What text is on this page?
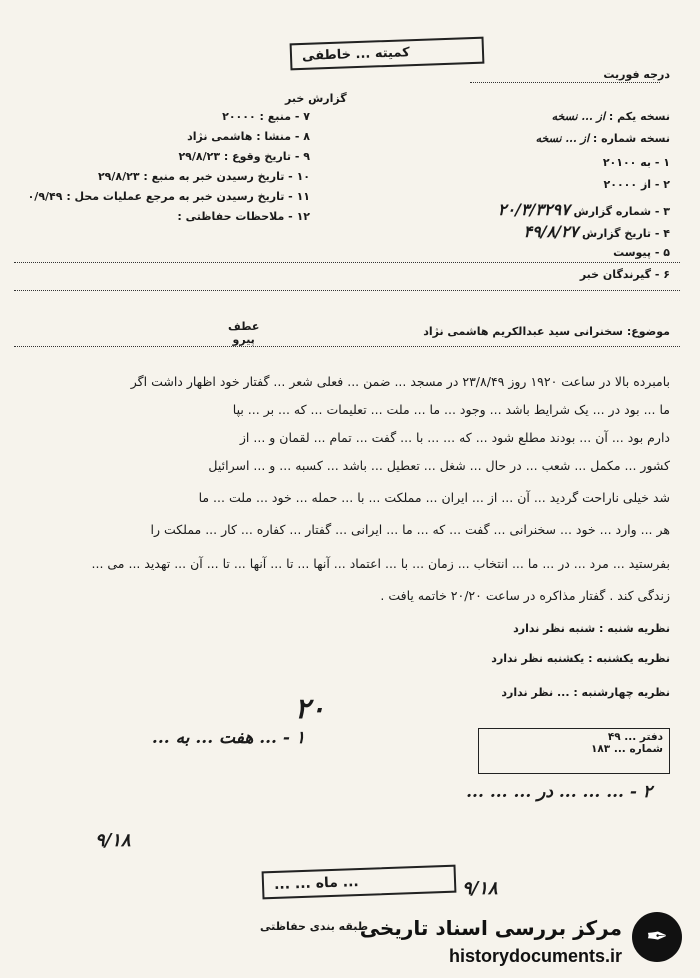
کمیته ... خاطفی
گزارش خبر
درجه فوریت
نسخه یکم : از ... نسخه
نسخه شماره : از ... نسخه
۱ - به ۲۰۱۰۰
۲ - از ۲۰۰۰۰
۳ - شماره گزارش ۲۰/۳/۳۲۹۷
۴ - تاریخ گزارش ۴۹/۸/۲۷
۵ - پیوست
۶ - گیرندگان خبر
۷ - منبع : ۲۰۰۰۰
۸ - منشا : هاشمی نژاد
۹ - تاریخ وقوع : ۲۹/۸/۲۳
۱۰ - تاریخ رسیدن خبر به منبع : ۲۹/۸/۲۳
۱۱ - تاریخ رسیدن خبر به مرجع عملیات محل : ۰/۹/۴۹
۱۲ - ملاحظات حفاظتی :
موضوع: سخنرانی سید عبدالکریم هاشمی نژاد
عطف
پیرو
بامبرده بالا در ساعت ۱۹۲۰ روز ۲۳/۸/۴۹ در مسجد ... ضمن ... فعلی شعر ... گفتار خود اظهار داشت اگر
ما ... بود در ... یک شرایط باشد ... وجود ... ما ... ملت ... تعلیمات ... که ... بر ... بپا
دارم بود ... آن ... بودند مطلع شود ... که ... ... با ... گفت ... تمام ... لقمان و ... از
کشور ... مکمل ... شعب ... در حال ... شغل ... تعطیل ... باشد ... کسبه ... و ... اسرائیل
شد خیلی ناراحت گردید ... آن ... از ... ایران ... مملکت ... با ... حمله ... خود ... ملت ... ما
هر ... وارد ... خود ... سخنرانی ... گفت ... که ... ما ... ایرانی ... گفتار ... کفاره ... کار ... مملکت را
بفرستید ... مرد ... در ... ما ... انتخاب ... زمان ... با ... اعتماد ... آنها ... تا ... آنها ... تا ... آن ... تهدید ... می ...
زندگی کند . گفتار مذاکره در ساعت ۲۰/۲۰ خاتمه یافت .
نظریه شنبه : شنبه نظر ندارد
نظریه یکشنبه : یکشنبه نظر ندارد
نظریه چهارشنبه : ... نظر ندارد
۲۰
۱ - ... هفت ... به ...
۲ - ... ... ... در ... ... ...
۹/۱۸
دفتر ... ۴۹
شماره ... ۱۸۳
... ... ماه ...	۹/۱۸
طبقه بندی حفاظتی	✒
مرکز بررسی اسناد تاریخی
historydocuments.ir
